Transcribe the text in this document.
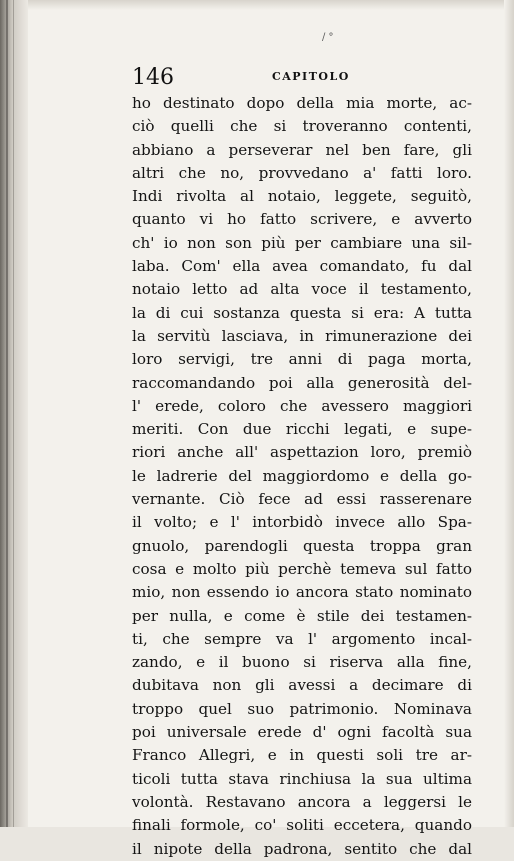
/ °
146	CAPITOLO
ho destinato dopo della mia morte, ac-
ciò quelli che si troveranno contenti,
abbiano a perseverar nel ben fare, gli
altri che no, provvedano a' fatti loro.
Indi rivolta al notaio, leggete, seguitò,
quanto vi ho fatto scrivere, e avverto
ch' io non son più per cambiare una sil-
laba. Com' ella avea comandato, fu dal
notaio letto ad alta voce il testamento,
la di cui sostanza questa si era: A tutta
la servitù lasciava, in rimunerazione dei
loro servigi, tre anni di paga morta,
raccomandando poi alla generosità del-
l' erede, coloro che avessero maggiori
meriti. Con due ricchi legati, e supe-
riori anche all' aspettazion loro, premiò
le ladrerie del maggiordomo e della go-
vernante. Ciò fece ad essi rasserenare
il volto; e l' intorbidò invece allo Spa-
gnuolo, parendogli questa troppa gran
cosa e molto più perchè temeva sul fatto
mio, non essendo io ancora stato nominato
per nulla, e come è stile dei testamen-
ti, che sempre va l' argomento incal-
zando, e il buono si riserva alla fine,
dubitava non gli avessi a decimare di
troppo quel suo patrimonio. Nominava
poi universale erede d' ogni facoltà sua
Franco Allegri, e in questi soli tre ar-
ticoli tutta stava rinchiusa la sua ultima
volontà. Restavano ancora a leggersi le
finali formole, co' soliti eccetera, quando
il nipote della padrona, sentito che dal
